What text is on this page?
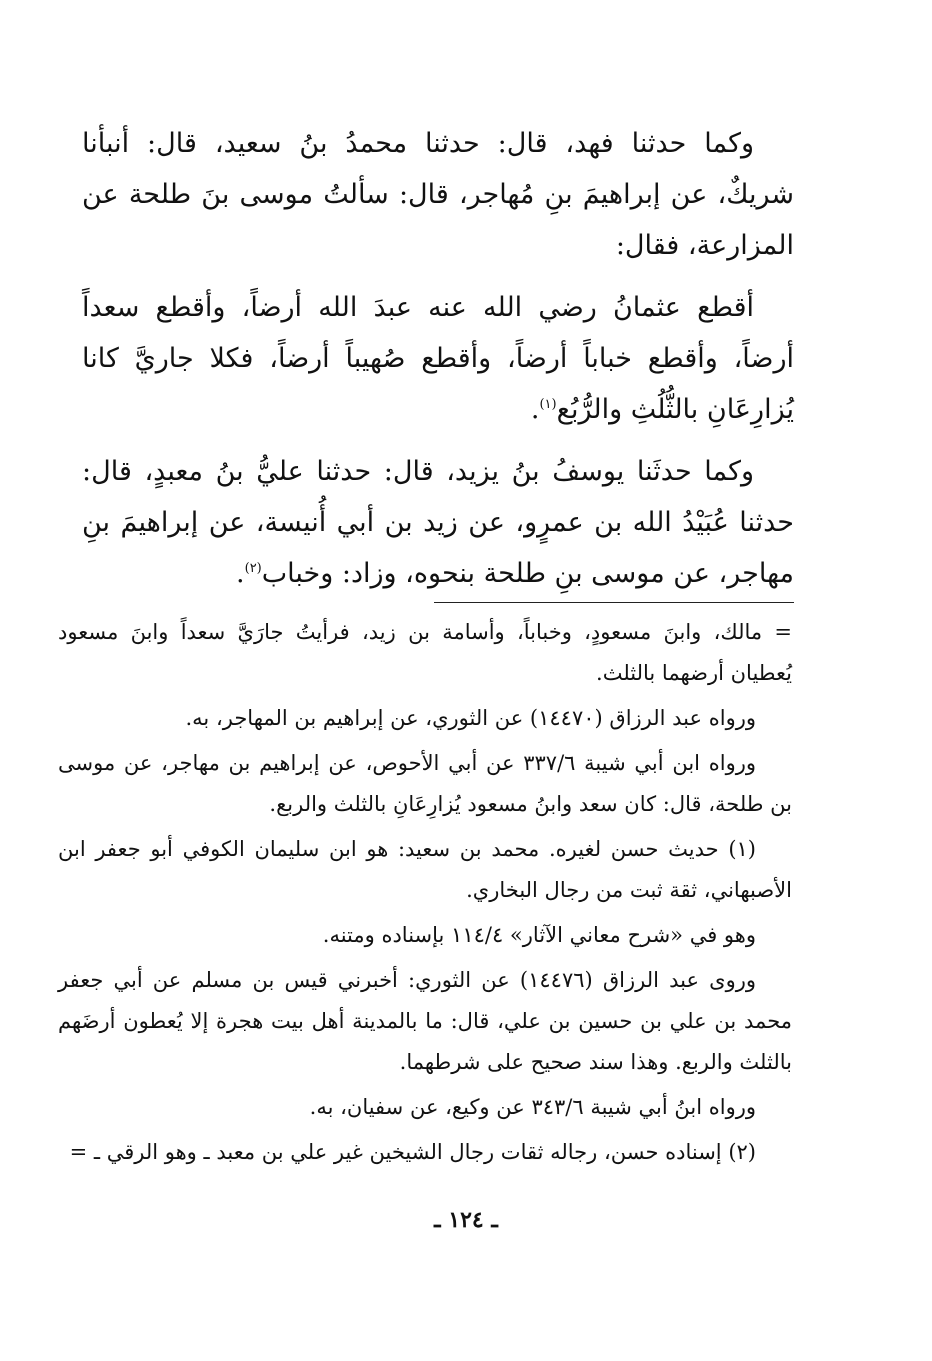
وكما حدثنا فهد، قال: حدثنا محمدُ بنُ سعيد، قال: أنبأنا شريكٌ، عن إبراهيمَ بنِ مُهاجر، قال: سألتُ موسى بنَ طلحة عن المزارعة، فقال:

أقطع عثمانُ رضي الله عنه عبدَ الله أرضاً، وأقطع سعداً أرضاً، وأقطع خباباً أرضاً، وأقطع صُهيباً أرضاً، فكلا جاريَّ كانا يُزارِعَانِ بالثُّلُثِ والرُّبُع$^{(١)}$.

وكما حدثَنا يوسفُ بنُ يزيد، قال: حدثنا عليُّ بنُ معبدٍ، قال: حدثنا عُبَيْدُ الله بن عمرٍو، عن زيد بن أبي أُنيسة، عن إبراهيمَ بنِ مهاجر، عن موسى بنِ طلحة بنحوه، وزاد: وخباب$^{(٢)}$.

= مالك، وابنَ مسعودٍ، وخباباً، وأسامة بن زيد، فرأيتُ جارَيَّ سعداً وابنَ مسعود يُعطيان أرضهما بالثلث.

ورواه عبد الرزاق (١٤٤٧٠) عن الثوري، عن إبراهيم بن المهاجر، به.

ورواه ابن أبي شيبة ٣٣٧/٦ عن أبي الأحوص، عن إبراهيم بن مهاجر، عن موسى بن طلحة، قال: كان سعد وابنُ مسعود يُزارِعَانِ بالثلث والربع.

(١) حديث حسن لغيره. محمد بن سعيد: هو ابن سليمان الكوفي أبو جعفر ابن الأصبهاني، ثقة ثبت من رجال البخاري.

وهو في «شرح معاني الآثار» ١١٤/٤ بإسناده ومتنه.

وروى عبد الرزاق (١٤٤٧٦) عن الثوري: أخبرني قيس بن مسلم عن أبي جعفر محمد بن علي بن حسين بن علي، قال: ما بالمدينة أهل بيت هجرة إلا يُعطون أرضَهم بالثلث والربع. وهذا سند صحيح على شرطهما.

ورواه ابنُ أبي شيبة ٣٤٣/٦ عن وكيع، عن سفيان، به.

(٢) إسناده حسن، رجاله ثقات رجال الشيخين غير علي بن معبد ـ وهو الرقي ـ =

ـ ١٢٤ ـ
